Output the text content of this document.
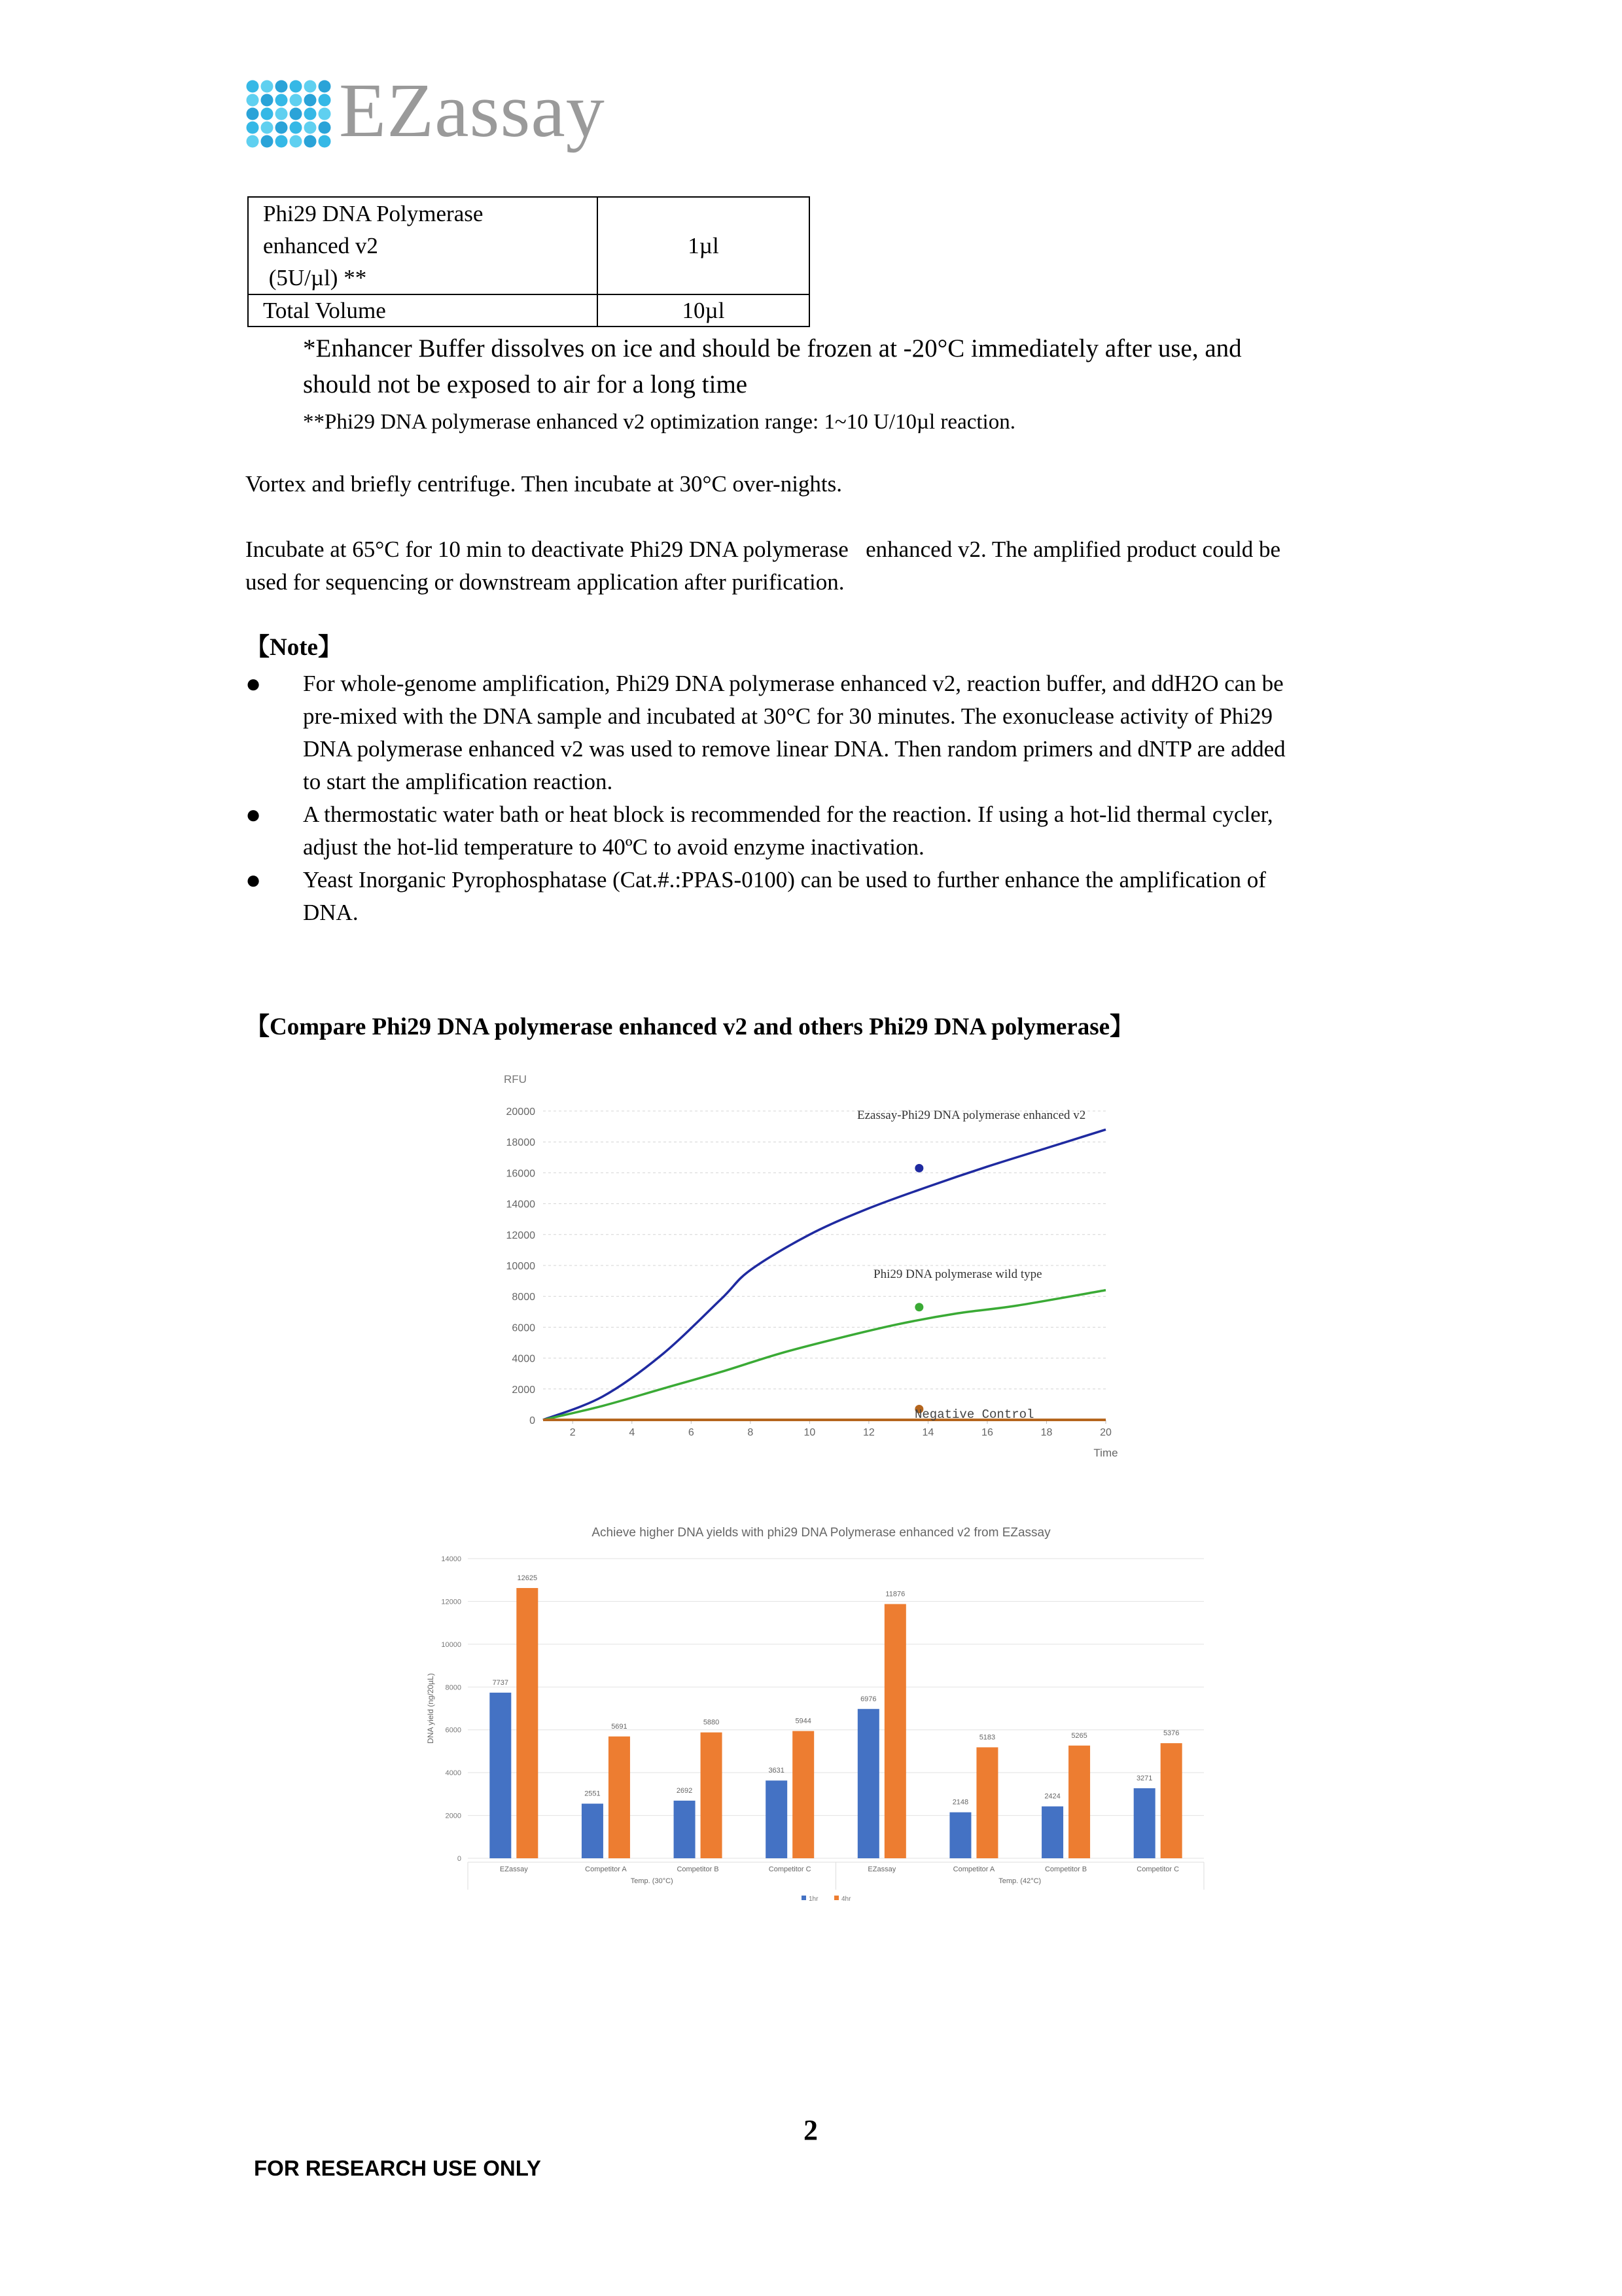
EZassay
Phi29 DNA Polymerase
enhanced v2
(5U/µl) **	1µl
Total Volume	10µl
*Enhancer Buffer dissolves on ice and should be frozen at -20°C immediately after use, and
should not be exposed to air for a long time
**Phi29 DNA polymerase enhanced v2 optimization range: 1~10 U/10µl reaction.
Vortex and briefly centrifuge. Then incubate at 30°C over-nights.
Incubate at 65°C for 10 min to deactivate Phi29 DNA polymerase   enhanced v2. The amplified product could be
used for sequencing or downstream application after purification.
【Note】
● For whole-genome amplification, Phi29 DNA polymerase enhanced v2, reaction buffer, and ddH2O can be
pre-mixed with the DNA sample and incubated at 30°C for 30 minutes. The exonuclease activity of Phi29
DNA polymerase enhanced v2 was used to remove linear DNA. Then random primers and dNTP are added
to start the amplification reaction.
● A thermostatic water bath or heat block is recommended for the reaction. If using a hot-lid thermal cycler,
adjust the hot-lid temperature to 40ºC to avoid enzyme inactivation.
● Yeast Inorganic Pyrophosphatase (Cat.#.:PPAS-0100) can be used to further enhance the amplification of
DNA.
【Compare Phi29 DNA polymerase enhanced v2 and others Phi29 DNA polymerase】
RFU
0
2000
4000
6000
8000
10000
12000
14000
16000
18000
20000
2	4	6	8	10	12	14	16	18	20
Time
Ezassay-Phi29 DNA polymerase enhanced v2
Phi29 DNA polymerase wild type
Negative Control
Achieve higher DNA yields with phi29 DNA Polymerase enhanced v2 from EZassay
DNA yield (ng/20µL)
0
2000
4000
6000
8000
10000
12000
14000
7737
12625
EZassay
2551
5691
Competitor A
2692
5880
Competitor B
3631
5944
Competitor C
6976
11876
EZassay
2148
5183
Competitor A
2424
5265
Competitor B
3271
5376
Competitor C
Temp. (30°C)	Temp. (42°C)
1hr	4hr
2
FOR RESEARCH USE ONLY
